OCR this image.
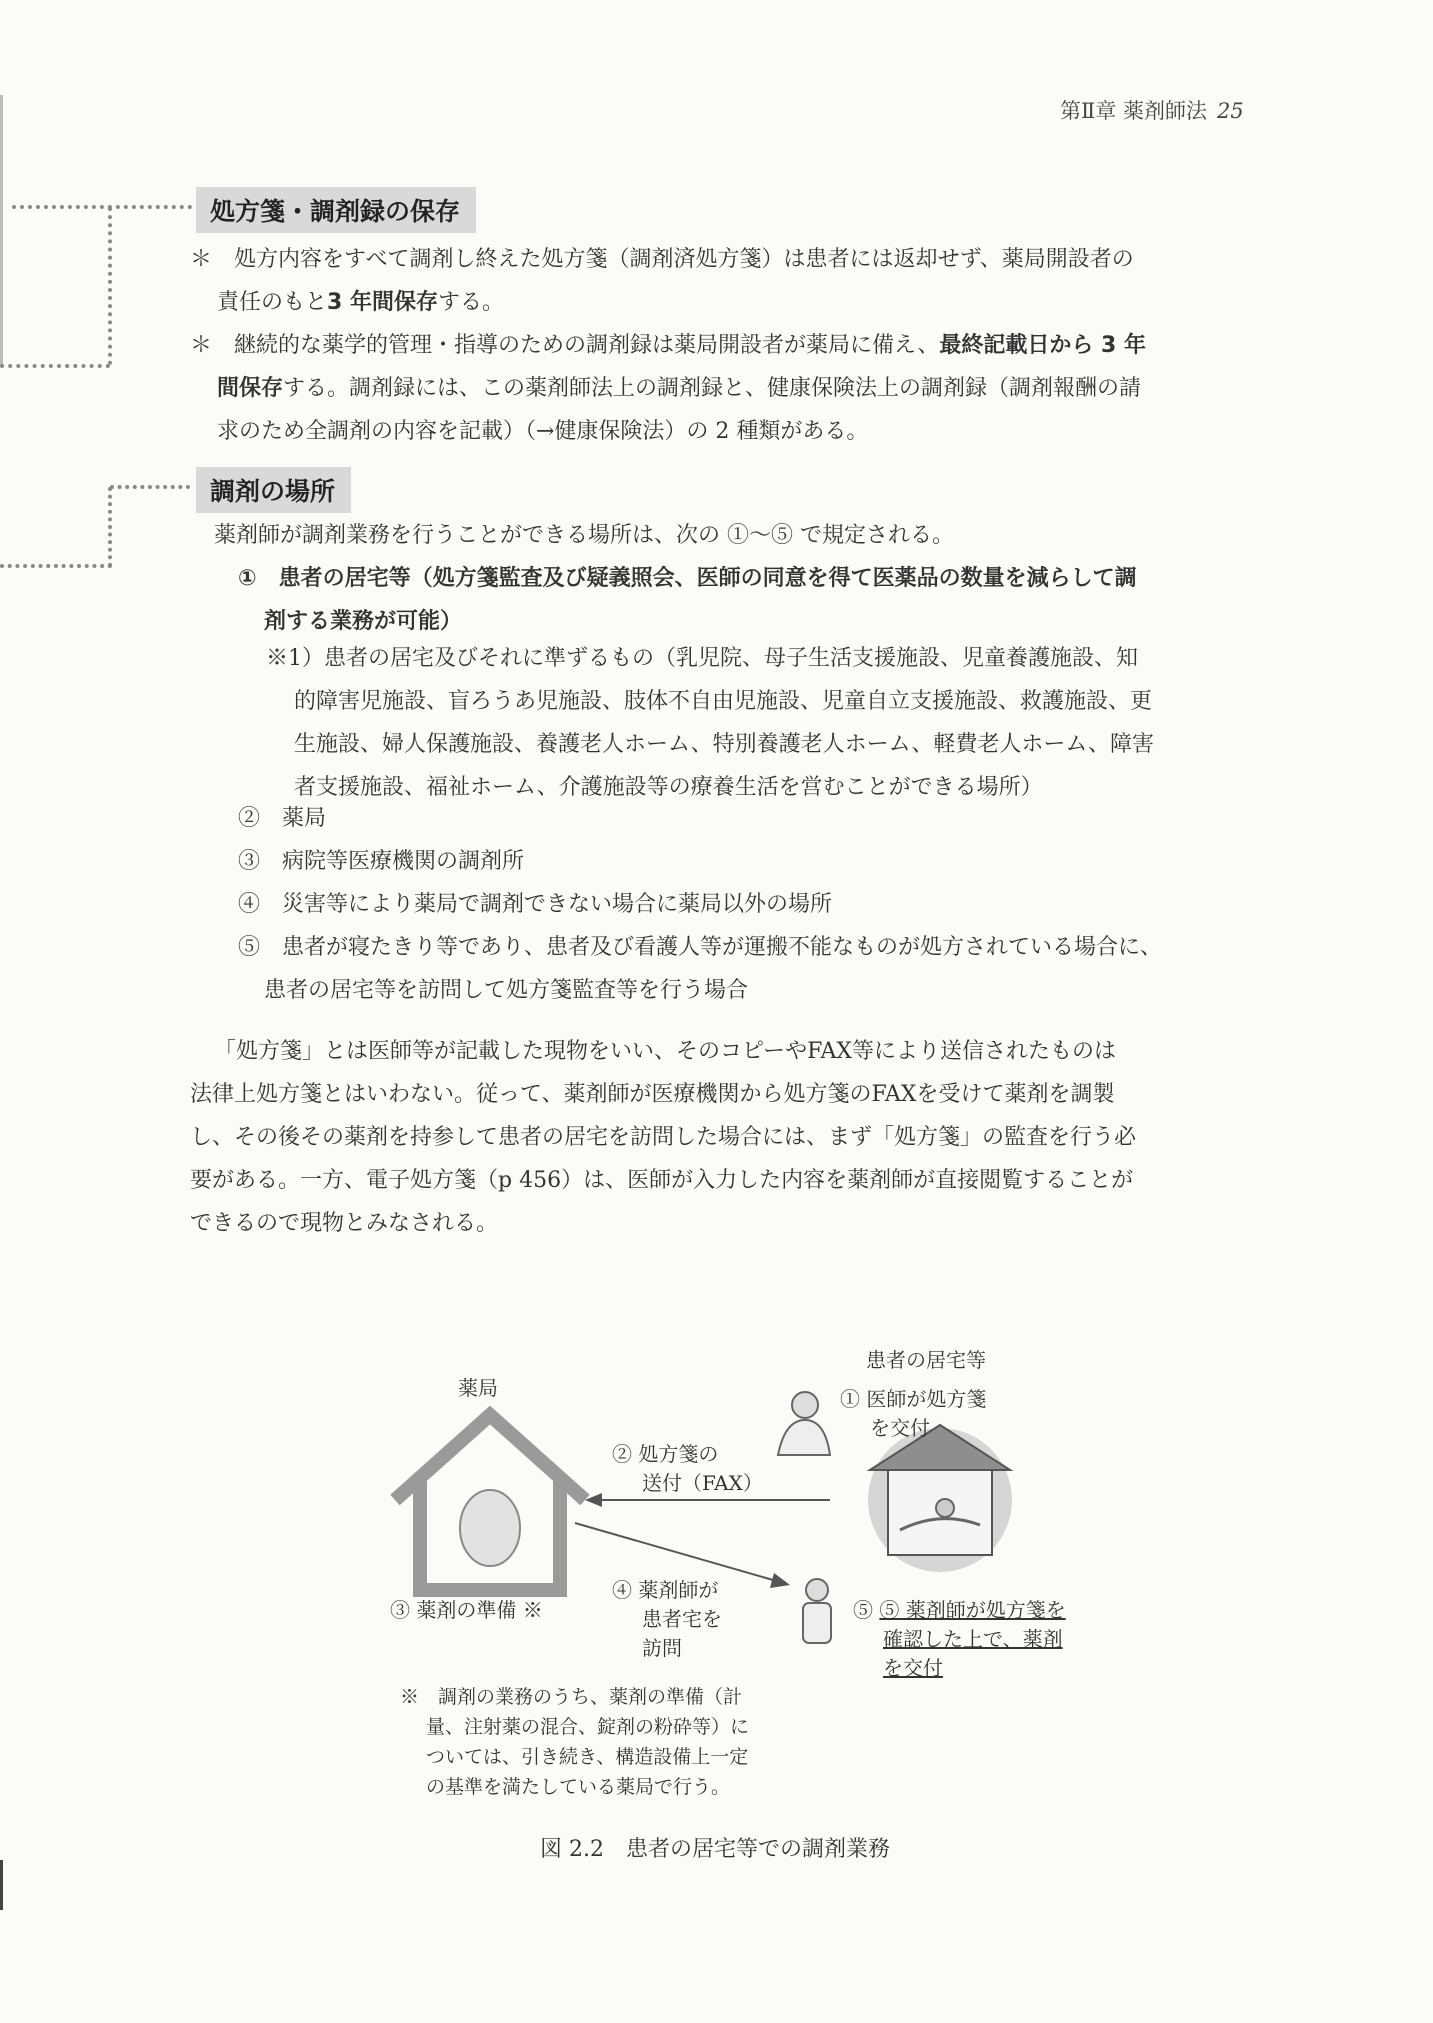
第Ⅱ章 薬剤師法 25
処方箋・調剤録の保存
＊　処方内容をすべて調剤し終えた処方箋（調剤済処方箋）は患者には返却せず、薬局開設者の
責任のもと3 年間保存する。
＊　継続的な薬学的管理・指導のための調剤録は薬局開設者が薬局に備え、最終記載日から 3 年
間保存する。調剤録には、この薬剤師法上の調剤録と、健康保険法上の調剤録（調剤報酬の請
求のため全調剤の内容を記載）（→健康保険法）の 2 種類がある。
調剤の場所
薬剤師が調剤業務を行うことができる場所は、次の ①～⑤ で規定される。
①　患者の居宅等（処方箋監査及び疑義照会、医師の同意を得て医薬品の数量を減らして調
剤する業務が可能）
※1）患者の居宅及びそれに準ずるもの（乳児院、母子生活支援施設、児童養護施設、知
的障害児施設、盲ろうあ児施設、肢体不自由児施設、児童自立支援施設、救護施設、更
生施設、婦人保護施設、養護老人ホーム、特別養護老人ホーム、軽費老人ホーム、障害
者支援施設、福祉ホーム、介護施設等の療養生活を営むことができる場所）
②　薬局
③　病院等医療機関の調剤所
④　災害等により薬局で調剤できない場合に薬局以外の場所
⑤　患者が寝たきり等であり、患者及び看護人等が運搬不能なものが処方されている場合に、
患者の居宅等を訪問して処方箋監査等を行う場合
「処方箋」とは医師等が記載した現物をいい、そのコピーやFAX等により送信されたものは
法律上処方箋とはいわない。従って、薬剤師が医療機関から処方箋のFAXを受けて薬剤を調製
し、その後その薬剤を持参して患者の居宅を訪問した場合には、まず「処方箋」の監査を行う必
要がある。一方、電子処方箋（p 456）は、医師が入力した内容を薬剤師が直接閲覧することが
できるので現物とみなされる。
薬局
患者の居宅等
① 医師が処方箋
を交付
② 処方箋の
送付（FAX）
③ 薬剤の準備 ※
④ 薬剤師が
患者宅を
訪問
⑤ ⑤ 薬剤師が処方箋を
確認した上で、薬剤
を交付
※　調剤の業務のうち、薬剤の準備（計
量、注射薬の混合、錠剤の粉砕等）に
ついては、引き続き、構造設備上一定
の基準を満たしている薬局で行う。
図 2.2　患者の居宅等での調剤業務
